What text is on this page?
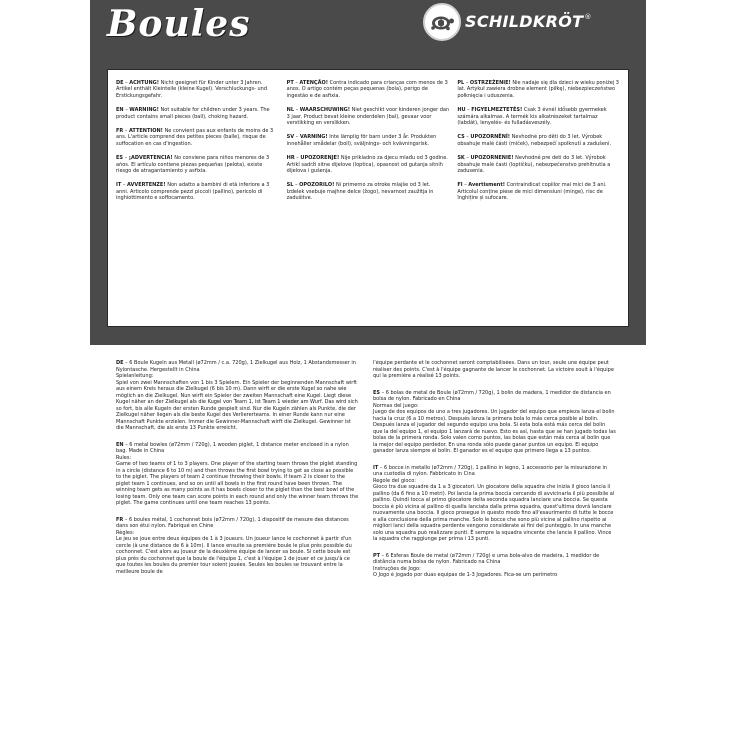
Boules	SCHILDKRÖT ®
DE – ACHTUNG! Nicht geeignet für Kinder unter 3 Jahren. Artikel enthält Kleinteile (kleine Kugel). Verschluckungs- und Erstickungsgefahr.
EN – WARNING! Not suitable for children under 3 years. The product contains small pieces (ball), choking hazard.
FR – ATTENTION! Ne convient pas aux enfants de moins de 3 ans. L'article comprend des petites pieces (balle), risque de suffocation en cas d'ingestion.
ES – ¡ADVERTENCIA! No conviene para niños menores de 3 años. El artículo contiene piezas pequeñas (pelota), existe riesgo de atragantamiento y asfixia.
IT – AVVERTENZE! Non adatto a bambini di età inferiore a 3 anni. Articolo comprende pezzi piccoli (pallino), pericolo di inghiottimento e soffocamento.
PT – ATENÇÃO! Contra indicado para crianças com menos de 3 anos. O artigo contém peças pequenas (bola), perigo de ingestão e de asfixia.
NL – WAARSCHUWING! Niet geschikt voor kinderen jonger dan 3 jaar. Product bevat kleine onderdelen (bal), gevaar voor verstikking en verslikken.
SV – VARNING! Inte lämplig för barn under 3 år. Produkten innehåller smådelar (boll), sväljnings- och kvävningsrisk.
HR – UPOZORENJE! Nije prikladno za djecu mlađu od 3 godine. Artikl sadrži sitne dijelove (loptica), opasnost od gutanja sitnih dijelova i gušenja.
SL – OPOZORILO! Ni primerno za otroke mlajše od 3 let. Izdelek vsebuje majhne delce (žogo), nevarnost zaužitja in zadušitve.
PL – OSTRZEŻENIE! Nie nadaje się dla dzieci w wieku poniżej 3 lat. Artykuł zawiera drobne element (piłkę), niebezpieczeństwo połknięcia i uduszenia.
HU – FIGYELMEZTETÉS! Csak 3 évnél idősebb gyermekek számára alkalmas. A termék kis alkatrészeket tartalmaz (labdát), lenyelés- és fulladásveszély.
CS – UPOZORNĚNÍ! Nevhodné pro děti do 3 let. Výrobek obsahuje malé části (míček), nebezpečí spolknutí a zadušení.
SK – UPOZORNENIE! Nevhodné pre deti do 3 let. Výrobok obsahuje malé časti (loptičku), nebezpečenstvo prehltnutia a zadusenia.
FI – Avertisment! Contraindicat copiilor mai mici de 3 ani. Articolul conține piese de mici dimensiuni (minge), risc de înghițire și sufocare.
DE – 6 Boule Kugeln aus Metall (ø72mm / c.a. 720g), 1 Zielkugel aus Holz, 1 Abstandsmesser in Nylontasche. Hergestellt in China
Spielanleitung:
Spiel von zwei Mannschaften von 1 bis 3 Spielern. Ein Spieler der beginnenden Mannschaft wirft aus einem Kreis heraus die Zielkugel (6 bis 10 m). Dann wirft er die erste Kugel so nahe wie möglich an die Zielkugel. Nun wirft ein Spieler der zweiten Mannschaft eine Kugel. Liegt diese Kugel näher an der Zielkugel als die Kugel von Team 1, ist Team 1 wieder am Wurf. Das wird sich so fort, bis alle Kugeln der ersten Runde gespielt sind. Nur die Kugeln zählen als Punkte, die der Zielkugel näher liegen als die beste Kugel des Verliererteams. In einer Runde kann nur eine Mannschaft Punkte erzielen. Immer die Gewinner-Mannschaft wirft die Zielkugel. Gewinner ist die Mannschaft, die als erste 13 Punkte erreicht.
EN – 6 metal bowles (ø72mm / 720g), 1 wooden piglet, 1 distance meter enclosed in a nylon bag. Made in China
Rules:
Game of two teams of 1 to 3 players. One player of the starting team throws the piglet standing in a circle (distance 6 to 10 m) and then throws the first bowl trying to get as close as possible to the piglet. The players of team 2 continue throwing their bowls. If team 2 is closer to the piglet team 1 continues, and so on until all bowls in the first round have been thrown. The winning team gets as many points as it has bowls closer to the piglet than the best bowl of the losing team. Only one team can score points in each round and only the winner team throws the piglet. The game continues until one team reaches 13 points.
FR – 6 boules métal, 1 cochonnet bois (ø72mm / 720g), 1 dispositif de mesure des distances dans son étui nylon. Fabriqué en Chine
Règles:
Le jeu se joue entre deux équipes de 1 à 3 joueurs. Un joueur lance le cochonnet à partir d'un cercle (à une distance de 6 à 10m). Il lance ensuite sa première boule le plus près possible du cochonnet. C'est alors au joueur de la deuxième équipe de lancer sa boule. Si cette boule est plus près du cochonnet que la boule de l'équipe 1, c'est à l'équipe 1 de jouer et ce jusqu'à ce que toutes les boules du premier tour soient jouées. Seules les boules se trouvant entre la meilleure boule de
l'équipe perdante et le cochonnet seront comptabilisées. Dans un tour, seule une équipe peut réaliser des points. C'est à l'équipe gagnante de lancer le cochonnet. La victoire souit à l'équipe qui la première a réalisé 13 points.
ES – 6 bolas de metal de Boule (ø72mm / 720g), 1 bolin de madera, 1 medidor de distancia en bolsa de nylon. Fabricado en China
Normas del juego:
Juego de dos equipos de uno a tres jugadores. Un jugador del equipo que empieza lanza el bolin hacia la cruz (6 a 10 metros). Después lanza la primera bola lo más cerca posible al bolin. Después lanza el jugador del segundo equipo una bola. Si esta bola está más cerca del bolin que la del equipo 1, el equipo 1 lanzará de nuevo. Esto es así, hasta que se han jugado todas las bolas de la primera ronda. Solo valen como puntos, las bolas que están más cerca al bolin que la mejor del equipo perdedor. En una ronda sólo puede ganar puntos un equipo. El equipo ganador lanza siempre el bolin. El ganador es el equipo que primero llega a 13 puntos.
IT – 6 bocce in metallo (ø72mm / 720g), 1 pallino in legno, 1 accessorio per la misurazione in una custodia di nylon. Fabbricato in Cina
Regole del gioco:
Gioco tra due squadre da 1 a 3 giocatori. Un giocatore della squadra che inizia il gioco lancia il pallino (da 6 fino a 10 metri). Poi lancia la prima boccia cercando di avvicinarla il più possibile al pallino. Quindi tocca al primo giocatore della seconda squadra lanciare una boccia. Se questa boccia è più vicina al pallino di quella lanciata dalla prima squadra, quest'ultima dovrà lanciare nuovamente una boccia. Il gioco prosegue in questo modo fino all'esaurimento di tutte le bocce e alla conclusione della prima manche. Solo le bocce che sono più vicine al pallino rispetto ai migliori lanci della squadra perdente vengono considerate ai fini del punteggio. In una manche solo una squadra può realizzare punti. È sempre la squadra vincente che lancia il pallino. Vince la squadra che raggiunge per prima i 13 punti.
PT – 6 Esferas Boule de metal (ø72mm / 720g) e uma bola-alvo de madeira, 1 medidor de distância numa bolsa de nylon. Fabricado na China
Instruções de Jogo:
O Jogo é jogado por duas equipas de 1-3 Jogadores. Fica-se um perímetro
